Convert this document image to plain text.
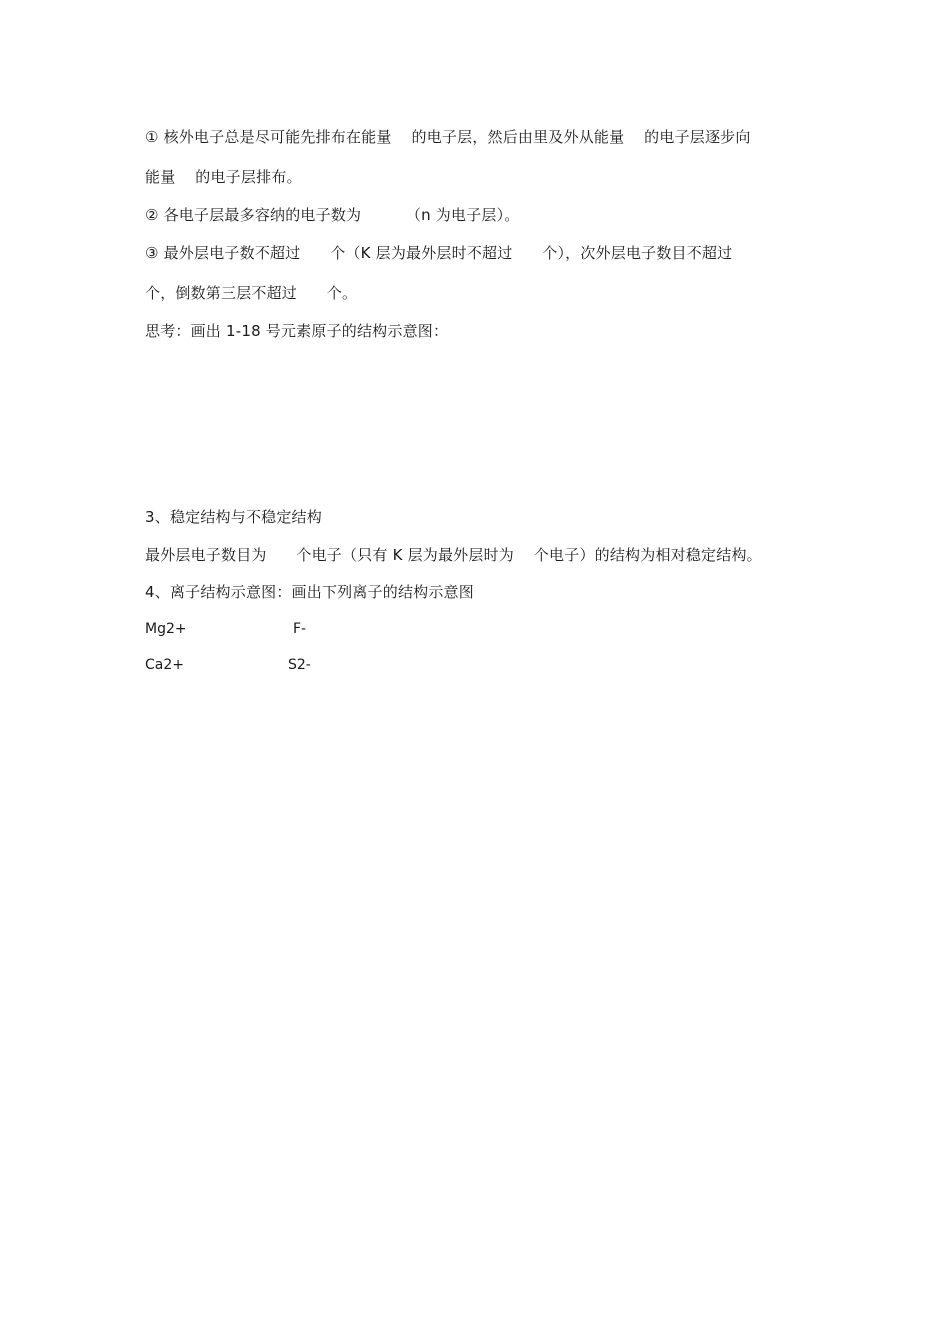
① 核外电子总是尽可能先排布在能量    的电子层，然后由里及外从能量    的电子层逐步向
能量    的电子层排布。
② 各电子层最多容纳的电子数为         （n 为电子层）。
③ 最外层电子数不超过      个（K 层为最外层时不超过      个），次外层电子数目不超过
个，倒数第三层不超过      个。
思考：画出 1-18 号元素原子的结构示意图：
3、稳定结构与不稳定结构
最外层电子数目为      个电子（只有 K 层为最外层时为    个电子）的结构为相对稳定结构。
4、离子结构示意图：画出下列离子的结构示意图
Mg2+	F-
Ca2+	S2-
